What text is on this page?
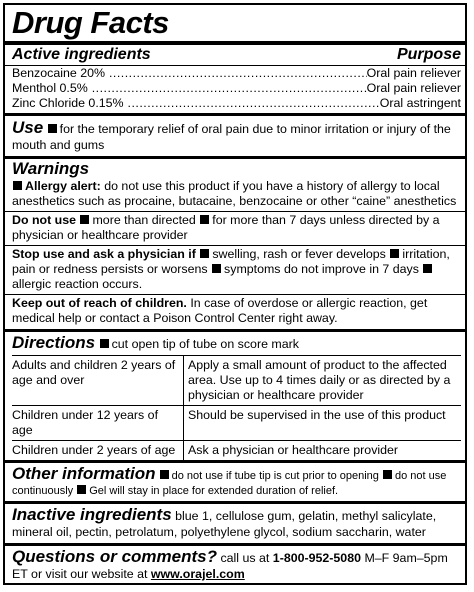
Drug Facts
Active ingredients	Purpose
Benzocaine 20% .....	Oral pain reliever
Menthol 0.5% .....	Oral pain reliever
Zinc Chloride 0.15% .....	Oral astringent
Use for the temporary relief of oral pain due to minor irritation or injury of the mouth and gums
Warnings
Allergy alert: do not use this product if you have a history of allergy to local anesthetics such as procaine, butacaine, benzocaine or other “caine” anesthetics
Do not use more than directed for more than 7 days unless directed by a physician or healthcare provider
Stop use and ask a physician if swelling, rash or fever develops irritation, pain or redness persists or worsens symptoms do not improve in 7 days allergic reaction occurs.
Keep out of reach of children. In case of overdose or allergic reaction, get medical help or contact a Poison Control Center right away.
Directions cut open tip of tube on score mark
Adults and children 2 years of age and over	Apply a small amount of product to the affected area. Use up to 4 times daily or as directed by a physician or healthcare provider
Children under 12 years of age	Should be supervised in the use of this product
Children under 2 years of age	Ask a physician or healthcare provider
Other information do not use if tube tip is cut prior to opening do not use continuously Gel will stay in place for extended duration of relief.
Inactive ingredients blue 1, cellulose gum, gelatin, methyl salicylate, mineral oil, pectin, petrolatum, polyethylene glycol, sodium saccharin, water
Questions or comments? call us at 1-800-952-5080 M–F 9am–5pm ET or visit our website at www.orajel.com
